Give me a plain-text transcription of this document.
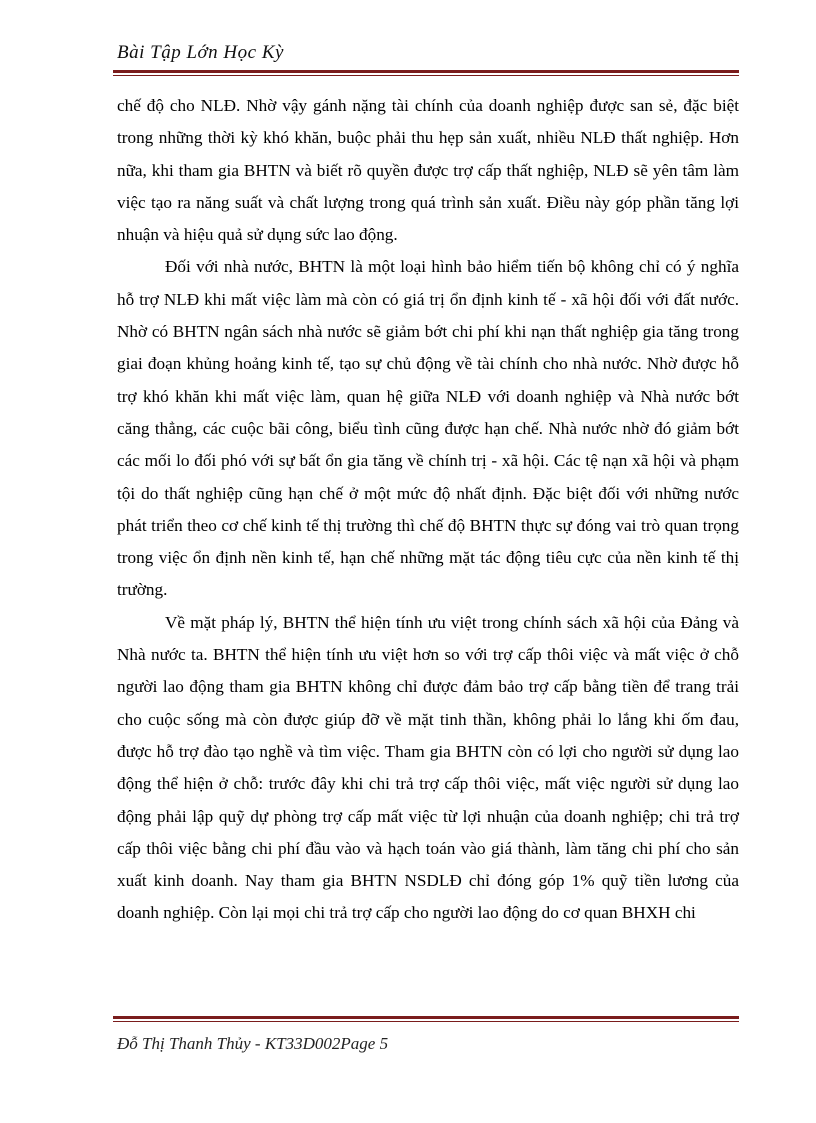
Bài Tập Lớn Học Kỳ

chế độ cho NLĐ. Nhờ vậy gánh nặng tài chính của doanh nghiệp được san sẻ, đặc biệt trong những thời kỳ khó khăn, buộc phải thu hẹp sản xuất, nhiều NLĐ thất nghiệp. Hơn nữa, khi tham gia BHTN và biết rõ quyền được trợ cấp thất nghiệp, NLĐ sẽ yên tâm làm việc tạo ra năng suất và chất lượng trong quá trình sản xuất. Điều này góp phần tăng lợi nhuận và hiệu quả sử dụng sức lao động.

Đối với nhà nước, BHTN là một loại hình bảo hiểm tiến bộ không chỉ có ý nghĩa hỗ trợ NLĐ khi mất việc làm mà còn có giá trị ổn định kinh tế - xã hội đối với đất nước. Nhờ có BHTN ngân sách nhà nước sẽ giảm bớt chi phí khi nạn thất nghiệp gia tăng trong giai đoạn khủng hoảng kinh tế, tạo sự chủ động về tài chính cho nhà nước. Nhờ được hỗ trợ khó khăn khi mất việc làm, quan hệ giữa NLĐ với doanh nghiệp và Nhà nước bớt căng thẳng, các cuộc bãi công, biểu tình cũng được hạn chế. Nhà nước nhờ đó giảm bớt các mối lo đối phó với sự bất ổn gia tăng về chính trị - xã hội. Các tệ nạn xã hội và phạm tội do thất nghiệp cũng hạn chế ở một mức độ nhất định. Đặc biệt đối với những nước phát triển theo cơ chế kinh tế thị trường thì chế độ BHTN thực sự đóng vai trò quan trọng trong việc ổn định nền kinh tế, hạn chế những mặt tác động tiêu cực của nền kinh tế thị trường.

Về mặt pháp lý, BHTN thể hiện tính ưu việt trong chính sách xã hội của Đảng và Nhà nước ta. BHTN thể hiện tính ưu việt hơn so với trợ cấp thôi việc và mất việc ở chỗ người lao động tham gia BHTN không chỉ được đảm bảo trợ cấp bằng tiền để trang trải cho cuộc sống mà còn được giúp đỡ về mặt tinh thần, không phải lo lắng khi ốm đau, được hỗ trợ đào tạo nghề và tìm việc. Tham gia BHTN còn có lợi cho người sử dụng lao động thể hiện ở chỗ: trước đây khi chi trả trợ cấp thôi việc, mất việc người sử dụng lao động phải lập quỹ dự phòng trợ cấp mất việc từ lợi nhuận của doanh nghiệp; chi trả trợ cấp thôi việc bằng chi phí đầu vào và hạch toán vào giá thành, làm tăng chi phí cho sản xuất kinh doanh. Nay tham gia BHTN NSDLĐ chỉ đóng góp 1% quỹ tiền lương của doanh nghiệp. Còn lại mọi chi trả trợ cấp cho người lao động do cơ quan BHXH chi

Đỗ Thị Thanh Thủy - KT33D002Page 5
